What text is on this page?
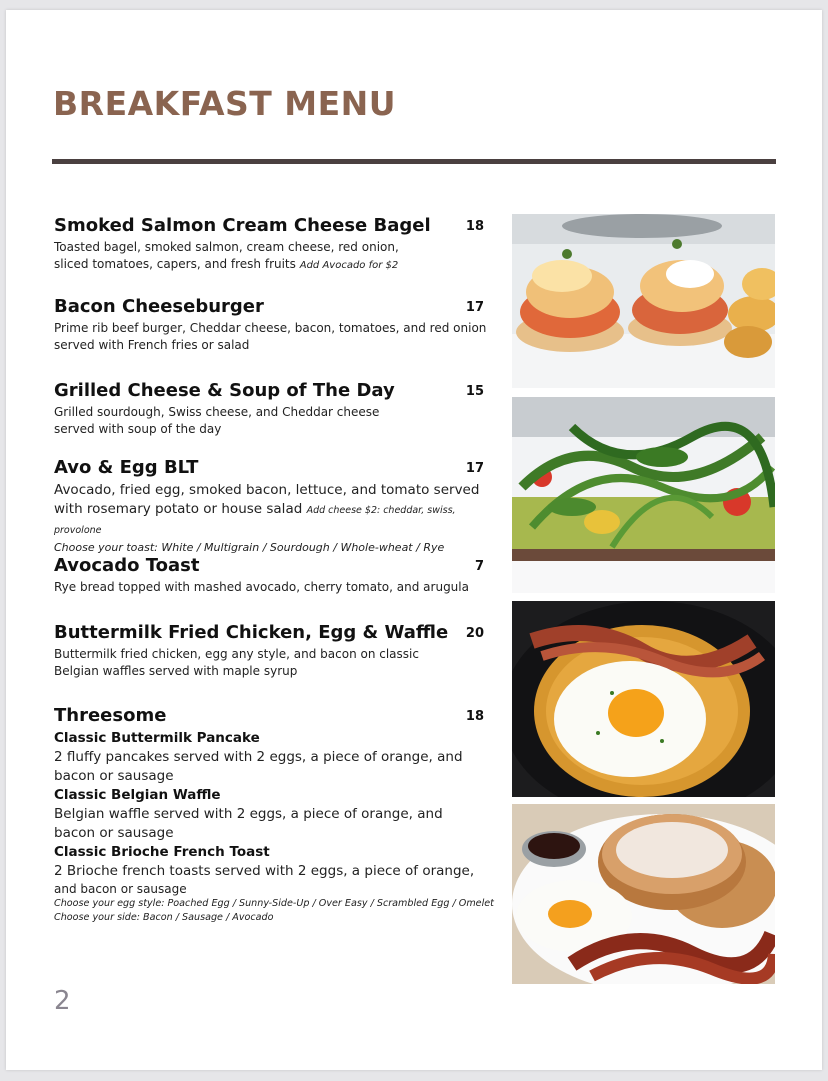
BREAKFAST MENU
Smoked Salmon Cream Cheese Bagel	18
Toasted bagel, smoked salmon, cream cheese, red onion,
sliced tomatoes, capers, and fresh fruits Add Avocado for $2
Bacon Cheeseburger	17
Prime rib beef burger, Cheddar cheese, bacon, tomatoes, and red onion
served with French fries or salad
Grilled Cheese & Soup of The Day	15
Grilled sourdough, Swiss cheese, and Cheddar cheese
served with soup of the day
Avo & Egg BLT	17
Avocado, fried egg, smoked bacon, lettuce, and tomato served
with rosemary potato or house salad Add cheese $2: cheddar, swiss, provolone
Choose your toast: White / Multigrain / Sourdough / Whole-wheat / Rye
Avocado Toast	7
Rye bread topped with mashed avocado, cherry tomato, and arugula
Buttermilk Fried Chicken, Egg & Waffle 20
Buttermilk fried chicken, egg any style, and bacon on classic
Belgian waffles served with maple syrup
Threesome	18
Classic Buttermilk Pancake
2 fluffy pancakes served with 2 eggs, a piece of orange, and
bacon or sausage
Classic Belgian Waffle
Belgian waffle served with 2 eggs, a piece of orange, and
bacon or sausage
Classic Brioche French Toast
2 Brioche french toasts served with 2 eggs, a piece of orange,
and bacon or sausage
Choose your egg style: Poached Egg / Sunny-Side-Up / Over Easy / Scrambled Egg / Omelet
Choose your side: Bacon / Sausage / Avocado
2
